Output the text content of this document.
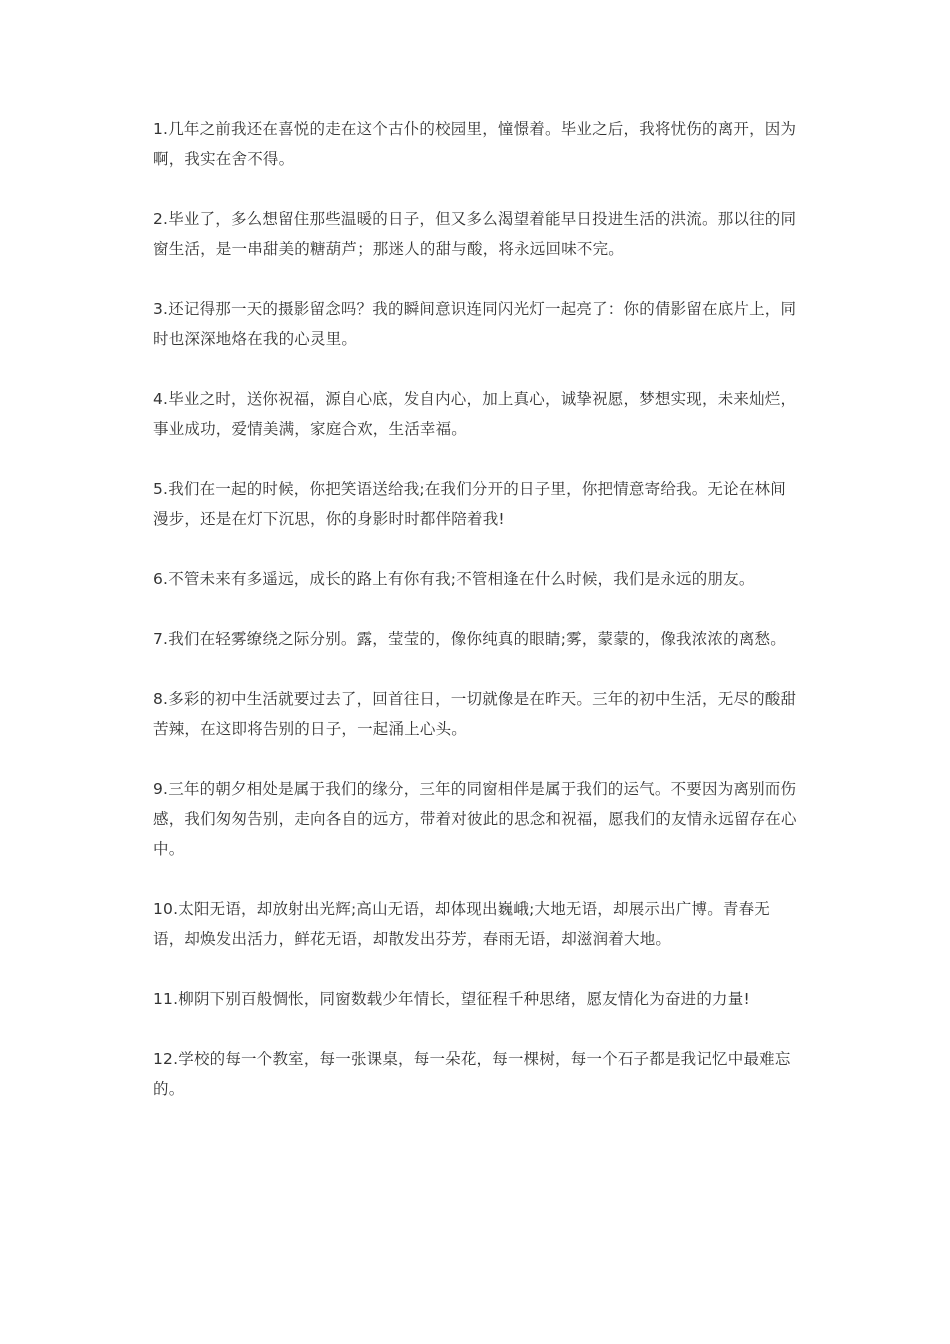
1.几年之前我还在喜悦的走在这个古仆的校园里，憧憬着。毕业之后，我将忧伤的离开，因为啊，我实在舍不得。

2.毕业了，多么想留住那些温暖的日子，但又多么渴望着能早日投进生活的洪流。那以往的同窗生活，是一串甜美的糖葫芦；那迷人的甜与酸，将永远回味不完。

3.还记得那一天的摄影留念吗？我的瞬间意识连同闪光灯一起亮了：你的倩影留在底片上，同时也深深地烙在我的心灵里。

4.毕业之时，送你祝福，源自心底，发自内心，加上真心，诚挚祝愿，梦想实现，未来灿烂，事业成功，爱情美满，家庭合欢，生活幸福。

5.我们在一起的时候，你把笑语送给我;在我们分开的日子里，你把情意寄给我。无论在林间漫步，还是在灯下沉思，你的身影时时都伴陪着我!

6.不管未来有多遥远，成长的路上有你有我;不管相逢在什么时候，我们是永远的朋友。

7.我们在轻雾缭绕之际分别。露，莹莹的，像你纯真的眼睛;雾，蒙蒙的，像我浓浓的离愁。

8.多彩的初中生活就要过去了，回首往日，一切就像是在昨天。三年的初中生活，无尽的酸甜苦辣，在这即将告别的日子，一起涌上心头。

9.三年的朝夕相处是属于我们的缘分，三年的同窗相伴是属于我们的运气。不要因为离别而伤感，我们匆匆告别，走向各自的远方，带着对彼此的思念和祝福，愿我们的友情永远留存在心中。

10.太阳无语，却放射出光辉;高山无语，却体现出巍峨;大地无语，却展示出广博。青春无语，却焕发出活力，鲜花无语，却散发出芬芳，春雨无语，却滋润着大地。

11.柳阴下别百般惆怅，同窗数载少年情长，望征程千种思绪，愿友情化为奋进的力量!

12.学校的每一个教室，每一张课桌，每一朵花，每一棵树，每一个石子都是我记忆中最难忘的。
